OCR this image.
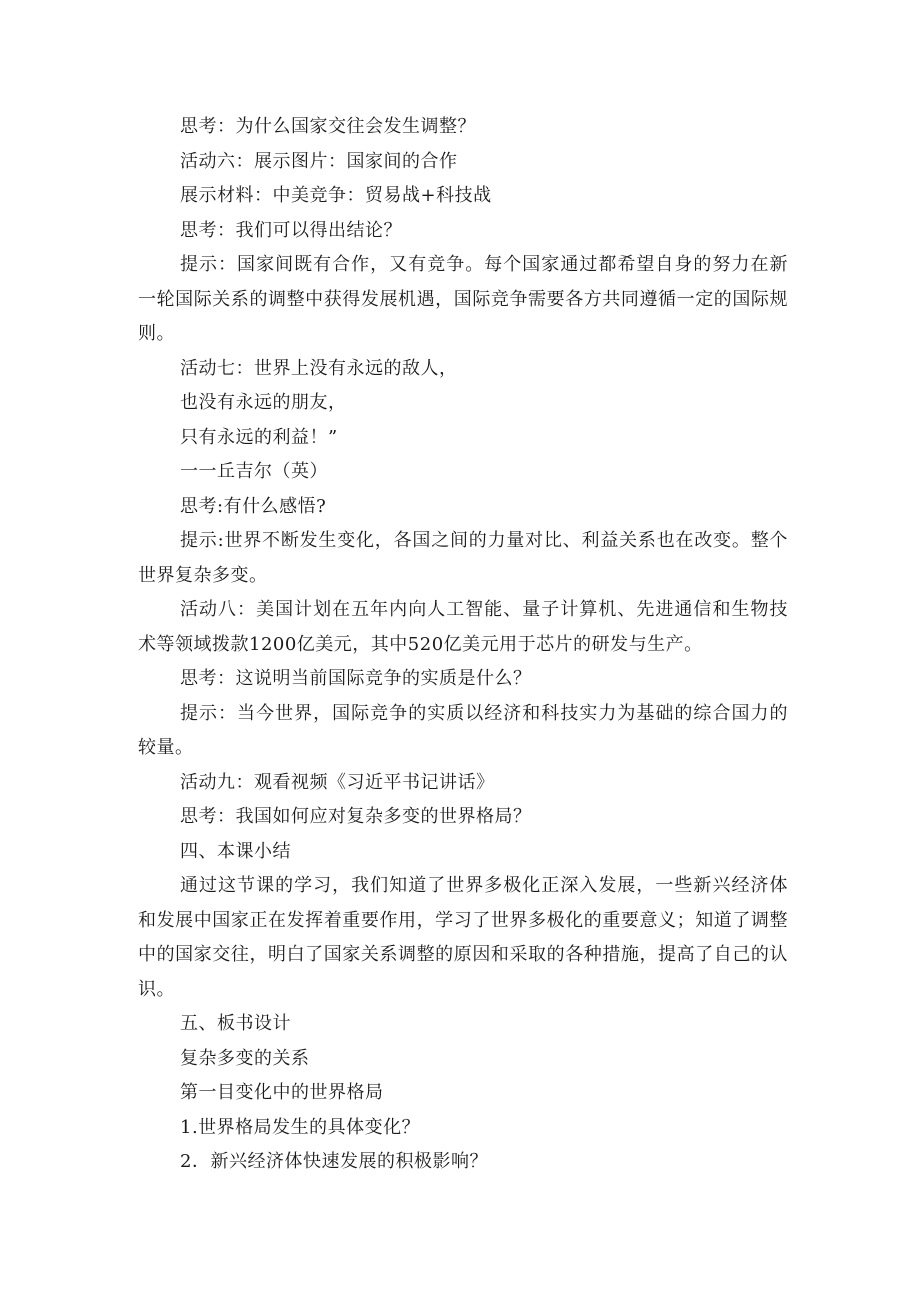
思考：为什么国家交往会发生调整？

活动六：展示图片：国家间的合作

展示材料：中美竞争：贸易战+科技战

思考：我们可以得出结论？

提示：国家间既有合作，又有竞争。每个国家通过都希望自身的努力在新一轮国际关系的调整中获得发展机遇，国际竞争需要各方共同遵循一定的国际规则。

活动七：世界上没有永远的敌人，

也没有永远的朋友，

只有永远的利益！”

一一丘吉尔（英）

思考:有什么感悟?

提示:世界不断发生变化，各国之间的力量对比、利益关系也在改变。整个世界复杂多变。

活动八：美国计划在五年内向人工智能、量子计算机、先进通信和生物技术等领域拨款1200亿美元，其中520亿美元用于芯片的研发与生产。

思考：这说明当前国际竞争的实质是什么？

提示：当今世界，国际竞争的实质以经济和科技实力为基础的综合国力的较量。

活动九：观看视频《习近平书记讲话》

思考：我国如何应对复杂多变的世界格局？

四、本课小结

通过这节课的学习，我们知道了世界多极化正深入发展，一些新兴经济体和发展中国家正在发挥着重要作用，学习了世界多极化的重要意义；知道了调整中的国家交往，明白了国家关系调整的原因和采取的各种措施，提高了自己的认识。

五、板书设计

复杂多变的关系

第一目变化中的世界格局

1.世界格局发生的具体变化？

2．新兴经济体快速发展的积极影响？
